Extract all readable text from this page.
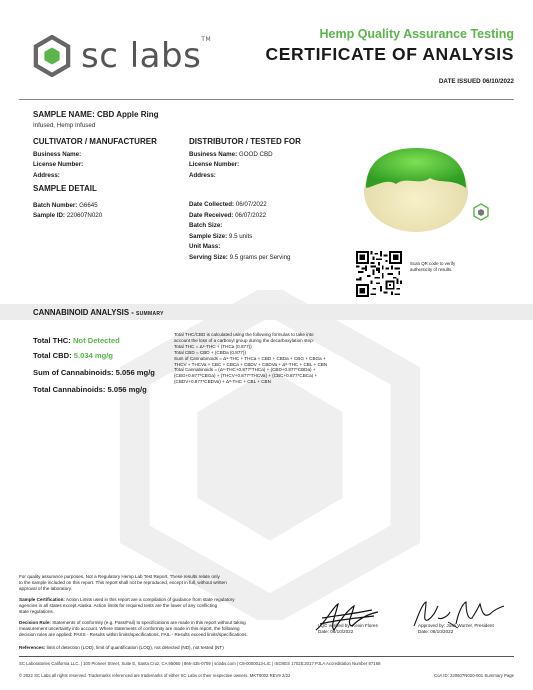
sc labs™	Hemp Quality Assurance Testing
CERTIFICATE OF ANALYSIS
DATE ISSUED 06/10/2022
SAMPLE NAME: CBD Apple Ring
Infused, Hemp Infused
CULTIVATOR / MANUFACTURER
Business Name:
License Number:
Address:
DISTRIBUTOR / TESTED FOR
Business Name: GOOD CBD
License Number:
Address:
SAMPLE DETAIL
Batch Number: G6645
Sample ID: 220607N020
Date Collected: 06/07/2022
Date Received: 06/07/2022
Batch Size:
Sample Size: 9.5 units
Unit Mass:
Serving Size: 9.5 grams per Serving
Scan QR code to verify
authenticity of results.
CANNABINOID ANALYSIS - SUMMARY
Total THC: Not Detected
Total CBD: 5.034 mg/g
Sum of Cannabinoids: 5.056 mg/g
Total Cannabinoids: 5.056 mg/g
Total THC/CBD is calculated using the following formulas to take into
account the loss of a carboxyl group during the decarboxylation step:
Total THC = Δ⁹-THC + (THCa (0.877))
Total CBD = CBD + (CBDa (0.877))
Sum of Cannabinoids = Δ⁹-THC + THCa + CBD + CBDa + CBG + CBGa +
THCV + THCVa + CBC + CBCa + CBDV + CBDVa + Δ⁸-THC + CBL + CBN
Total Cannabinoids = (Δ⁹-THC+0.877*THCa) + (CBD+0.877*CBDa) +
(CBG+0.877*CBGa) + (THCV+0.877*THCVa) + (CBC+0.877*CBCa) +
(CBDV+0.877*CBDVa) + Δ⁸-THC + CBL + CBN
For quality assurance purposes. Not a Regulatory Hemp Lab Test Report. These results relate only
to the sample included on this report. This report shall not be reproduced, except in full, without written
approval of the laboratory.
Sample Certification: Action Limits used in this report are a compilation of guidance from state regulatory
agencies in all states except Alaska. Action limits for required tests are the lower of any conflicting
state regulations.
Decision Rule: Statements of conformity (e.g. Pass/Fail) to specifications are made in this report without taking
measurement uncertainty into account. Where statements of conformity are made in this report, the following
decision rules are applied: PASS - Results within limits/specifications, FAIL - Results exceed limits/specifications.
References: limit of detection (LOD), limit of quantification (LOQ), not detected (ND), not tested (NT)
LQC verified by: Kevin Flores
Date: 06/10/2022
Approved by: Josh Wurzer, President
Date: 06/10/2022
SC Laboratories California LLC. | 100 Pioneer Street, Suite E, Santa Cruz, CA 95060 | 866-435-0709 | sclabs.com | C8-0000013-LIC | ISO/IES 17025:2017 PJLA Accreditation Number 87168
© 2022 SC Labs all rights reserved. Trademarks referenced are trademarks of either SC Labs or their respective owners. MKT0002 REV9 2/22	CoA ID: 220607N020-001 Summary Page
